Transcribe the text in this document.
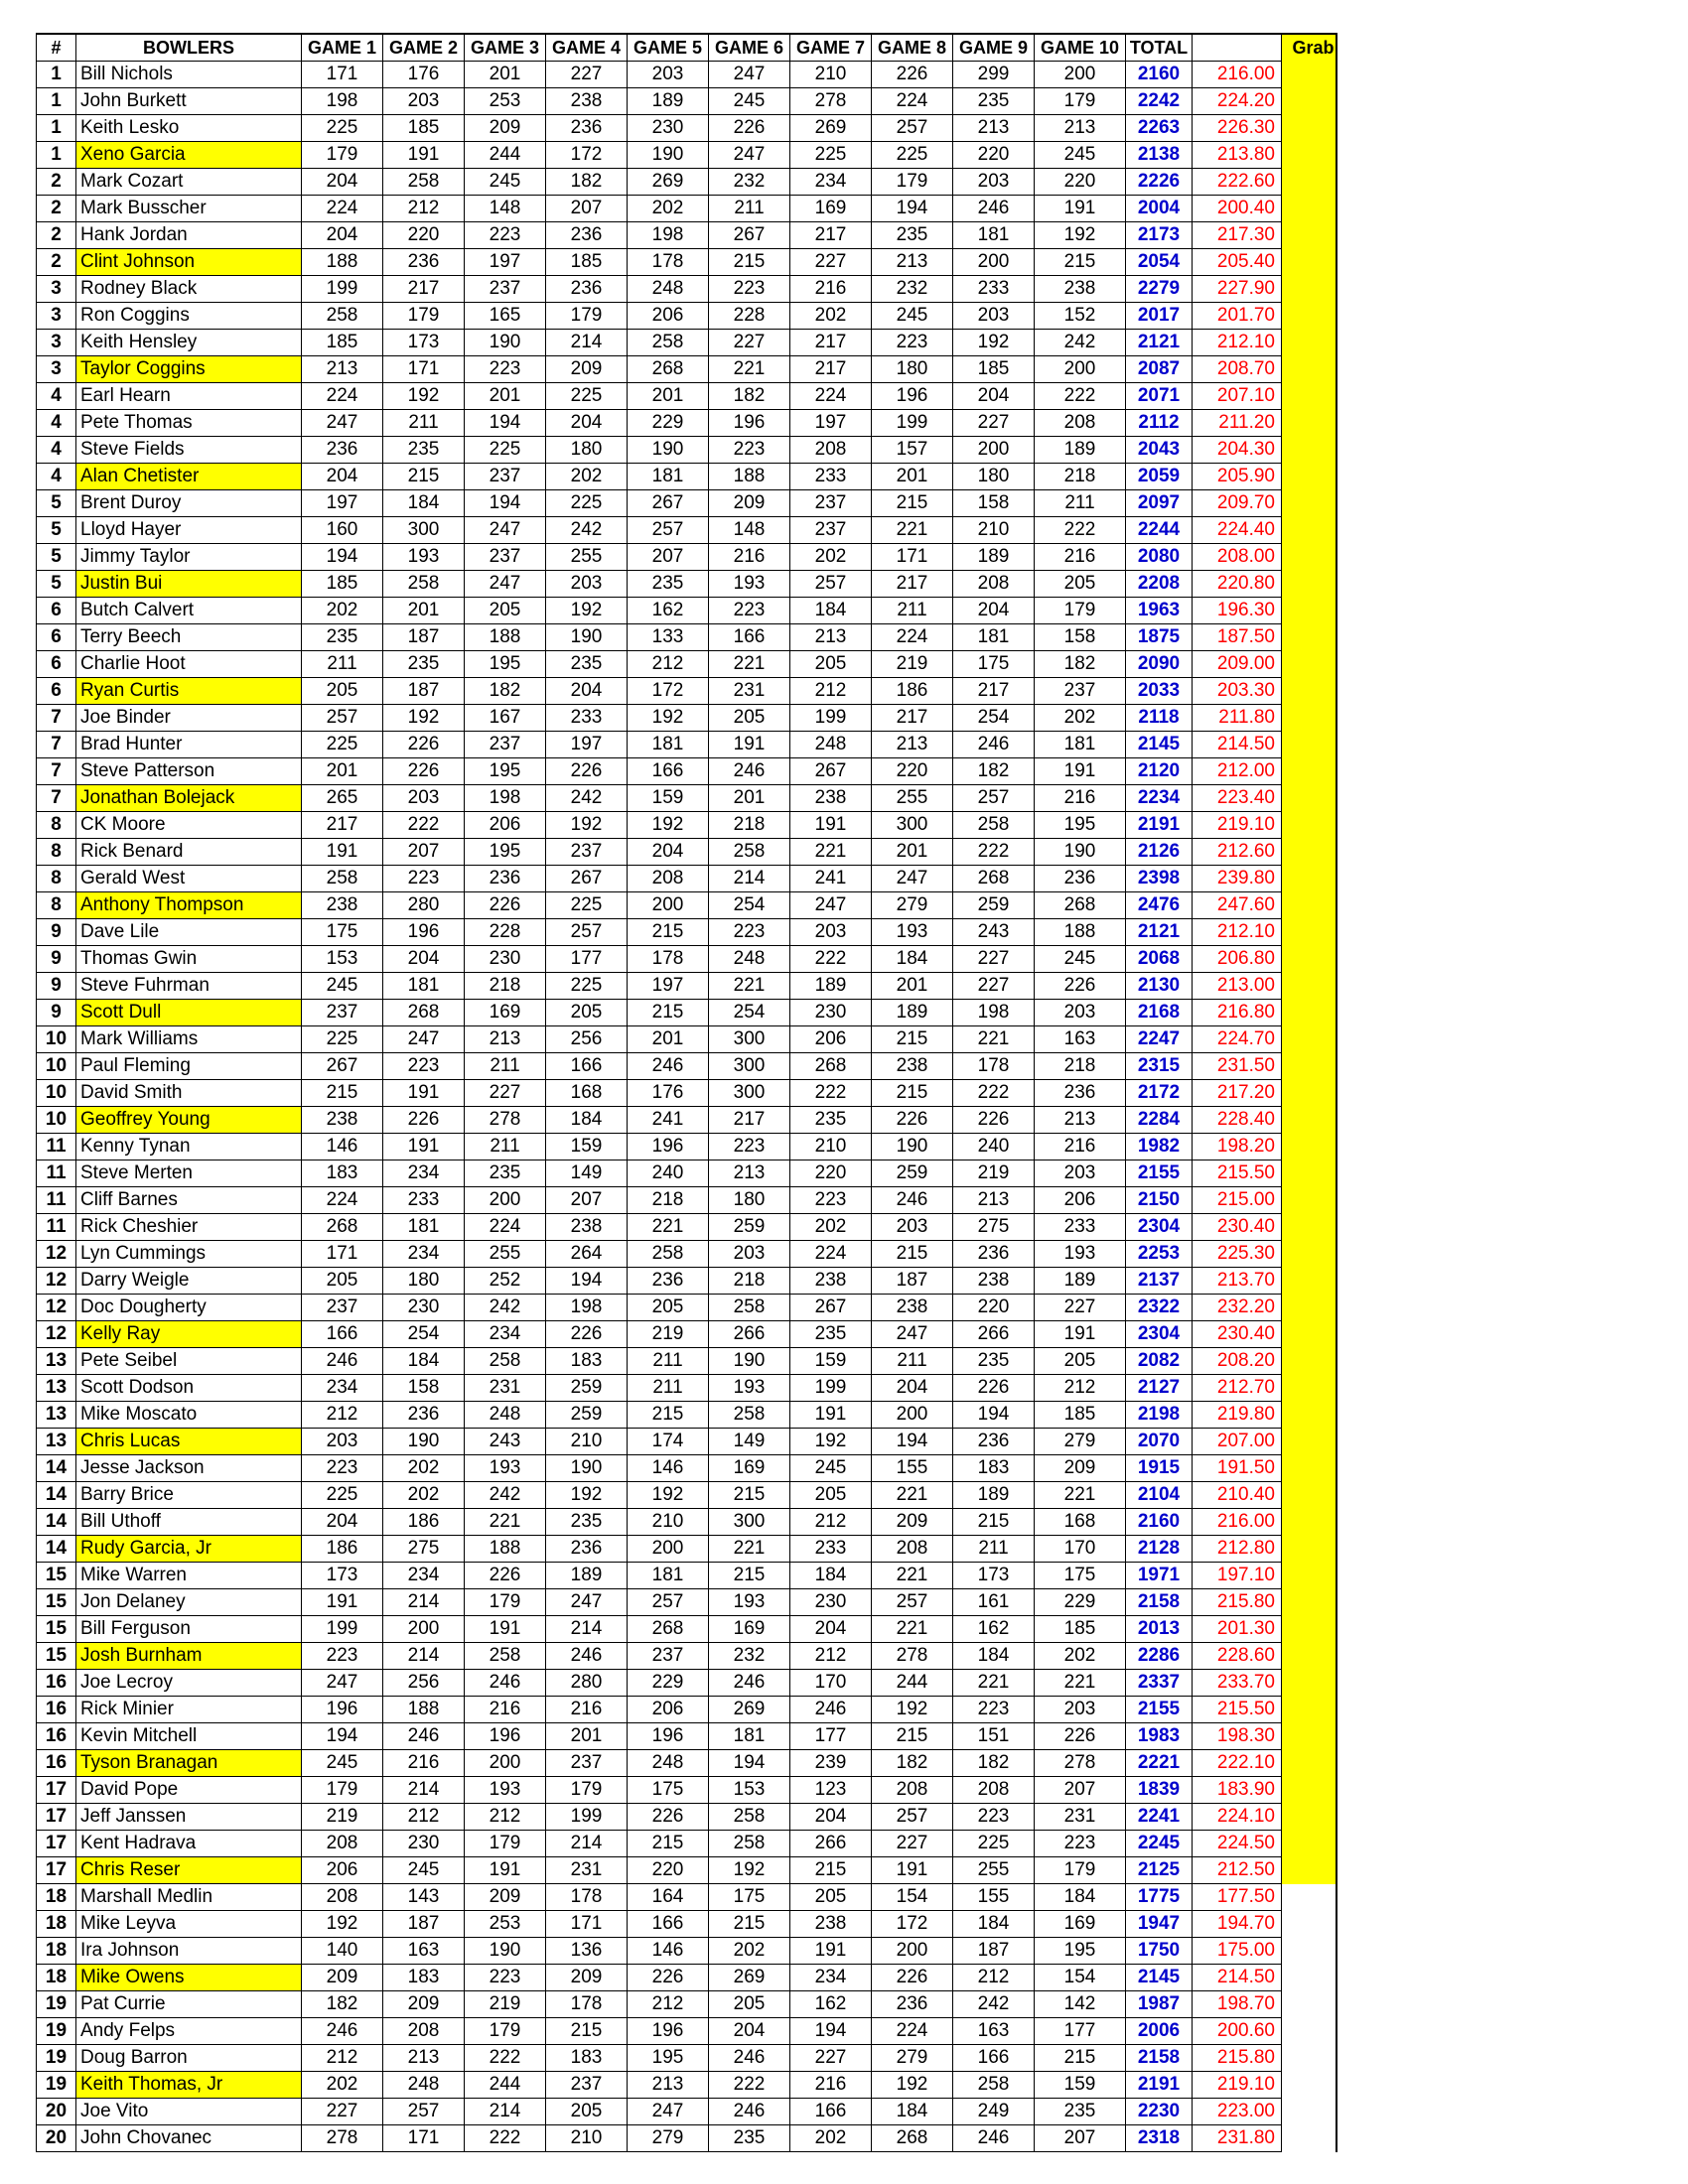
#	BOWLERS	GAME 1	GAME 2	GAME 3	GAME 4	GAME 5	GAME 6	GAME 7	GAME 8	GAME 9	GAME 10	TOTAL		Grab
1	Bill Nichols	171	176	201	227	203	247	210	226	299	200	2160	216.00	
1	John Burkett	198	203	253	238	189	245	278	224	235	179	2242	224.20	
1	Keith Lesko	225	185	209	236	230	226	269	257	213	213	2263	226.30	
1	Xeno Garcia	179	191	244	172	190	247	225	225	220	245	2138	213.80	
2	Mark Cozart	204	258	245	182	269	232	234	179	203	220	2226	222.60	
2	Mark Busscher	224	212	148	207	202	211	169	194	246	191	2004	200.40	
2	Hank Jordan	204	220	223	236	198	267	217	235	181	192	2173	217.30	
2	Clint Johnson	188	236	197	185	178	215	227	213	200	215	2054	205.40	
3	Rodney Black	199	217	237	236	248	223	216	232	233	238	2279	227.90	
3	Ron Coggins	258	179	165	179	206	228	202	245	203	152	2017	201.70	
3	Keith Hensley	185	173	190	214	258	227	217	223	192	242	2121	212.10	
3	Taylor Coggins	213	171	223	209	268	221	217	180	185	200	2087	208.70	
4	Earl Hearn	224	192	201	225	201	182	224	196	204	222	2071	207.10	
4	Pete Thomas	247	211	194	204	229	196	197	199	227	208	2112	211.20	
4	Steve Fields	236	235	225	180	190	223	208	157	200	189	2043	204.30	
4	Alan Chetister	204	215	237	202	181	188	233	201	180	218	2059	205.90	
5	Brent Duroy	197	184	194	225	267	209	237	215	158	211	2097	209.70	
5	Lloyd Hayer	160	300	247	242	257	148	237	221	210	222	2244	224.40	
5	Jimmy Taylor	194	193	237	255	207	216	202	171	189	216	2080	208.00	
5	Justin Bui	185	258	247	203	235	193	257	217	208	205	2208	220.80	
6	Butch Calvert	202	201	205	192	162	223	184	211	204	179	1963	196.30	
6	Terry Beech	235	187	188	190	133	166	213	224	181	158	1875	187.50	
6	Charlie Hoot	211	235	195	235	212	221	205	219	175	182	2090	209.00	
6	Ryan Curtis	205	187	182	204	172	231	212	186	217	237	2033	203.30	
7	Joe Binder	257	192	167	233	192	205	199	217	254	202	2118	211.80	
7	Brad Hunter	225	226	237	197	181	191	248	213	246	181	2145	214.50	
7	Steve Patterson	201	226	195	226	166	246	267	220	182	191	2120	212.00	
7	Jonathan Bolejack	265	203	198	242	159	201	238	255	257	216	2234	223.40	
8	CK Moore	217	222	206	192	192	218	191	300	258	195	2191	219.10	
8	Rick Benard	191	207	195	237	204	258	221	201	222	190	2126	212.60	
8	Gerald West	258	223	236	267	208	214	241	247	268	236	2398	239.80	
8	Anthony Thompson	238	280	226	225	200	254	247	279	259	268	2476	247.60	
9	Dave Lile	175	196	228	257	215	223	203	193	243	188	2121	212.10	
9	Thomas Gwin	153	204	230	177	178	248	222	184	227	245	2068	206.80	
9	Steve Fuhrman	245	181	218	225	197	221	189	201	227	226	2130	213.00	
9	Scott Dull	237	268	169	205	215	254	230	189	198	203	2168	216.80	
10	Mark Williams	225	247	213	256	201	300	206	215	221	163	2247	224.70	
10	Paul Fleming	267	223	211	166	246	300	268	238	178	218	2315	231.50	
10	David Smith	215	191	227	168	176	300	222	215	222	236	2172	217.20	
10	Geoffrey Young	238	226	278	184	241	217	235	226	226	213	2284	228.40	
11	Kenny Tynan	146	191	211	159	196	223	210	190	240	216	1982	198.20	
11	Steve Merten	183	234	235	149	240	213	220	259	219	203	2155	215.50	
11	Cliff Barnes	224	233	200	207	218	180	223	246	213	206	2150	215.00	
11	Rick Cheshier	268	181	224	238	221	259	202	203	275	233	2304	230.40	
12	Lyn Cummings	171	234	255	264	258	203	224	215	236	193	2253	225.30	
12	Darry Weigle	205	180	252	194	236	218	238	187	238	189	2137	213.70	
12	Doc Dougherty	237	230	242	198	205	258	267	238	220	227	2322	232.20	
12	Kelly Ray	166	254	234	226	219	266	235	247	266	191	2304	230.40	
13	Pete Seibel	246	184	258	183	211	190	159	211	235	205	2082	208.20	
13	Scott Dodson	234	158	231	259	211	193	199	204	226	212	2127	212.70	
13	Mike Moscato	212	236	248	259	215	258	191	200	194	185	2198	219.80	
13	Chris Lucas	203	190	243	210	174	149	192	194	236	279	2070	207.00	
14	Jesse Jackson	223	202	193	190	146	169	245	155	183	209	1915	191.50	
14	Barry Brice	225	202	242	192	192	215	205	221	189	221	2104	210.40	
14	Bill Uthoff	204	186	221	235	210	300	212	209	215	168	2160	216.00	
14	Rudy Garcia, Jr	186	275	188	236	200	221	233	208	211	170	2128	212.80	
15	Mike Warren	173	234	226	189	181	215	184	221	173	175	1971	197.10	
15	Jon Delaney	191	214	179	247	257	193	230	257	161	229	2158	215.80	
15	Bill Ferguson	199	200	191	214	268	169	204	221	162	185	2013	201.30	
15	Josh Burnham	223	214	258	246	237	232	212	278	184	202	2286	228.60	
16	Joe Lecroy	247	256	246	280	229	246	170	244	221	221	2337	233.70	
16	Rick Minier	196	188	216	216	206	269	246	192	223	203	2155	215.50	
16	Kevin Mitchell	194	246	196	201	196	181	177	215	151	226	1983	198.30	
16	Tyson Branagan	245	216	200	237	248	194	239	182	182	278	2221	222.10	
17	David Pope	179	214	193	179	175	153	123	208	208	207	1839	183.90	
17	Jeff Janssen	219	212	212	199	226	258	204	257	223	231	2241	224.10	
17	Kent Hadrava	208	230	179	214	215	258	266	227	225	223	2245	224.50	
17	Chris Reser	206	245	191	231	220	192	215	191	255	179	2125	212.50	
18	Marshall Medlin	208	143	209	178	164	175	205	154	155	184	1775	177.50	
18	Mike Leyva	192	187	253	171	166	215	238	172	184	169	1947	194.70	
18	Ira Johnson	140	163	190	136	146	202	191	200	187	195	1750	175.00	
18	Mike Owens	209	183	223	209	226	269	234	226	212	154	2145	214.50	
19	Pat Currie	182	209	219	178	212	205	162	236	242	142	1987	198.70	
19	Andy Felps	246	208	179	215	196	204	194	224	163	177	2006	200.60	
19	Doug Barron	212	213	222	183	195	246	227	279	166	215	2158	215.80	
19	Keith Thomas, Jr	202	248	244	237	213	222	216	192	258	159	2191	219.10	
20	Joe Vito	227	257	214	205	247	246	166	184	249	235	2230	223.00	
20	John Chovanec	278	171	222	210	279	235	202	268	246	207	2318	231.80	
